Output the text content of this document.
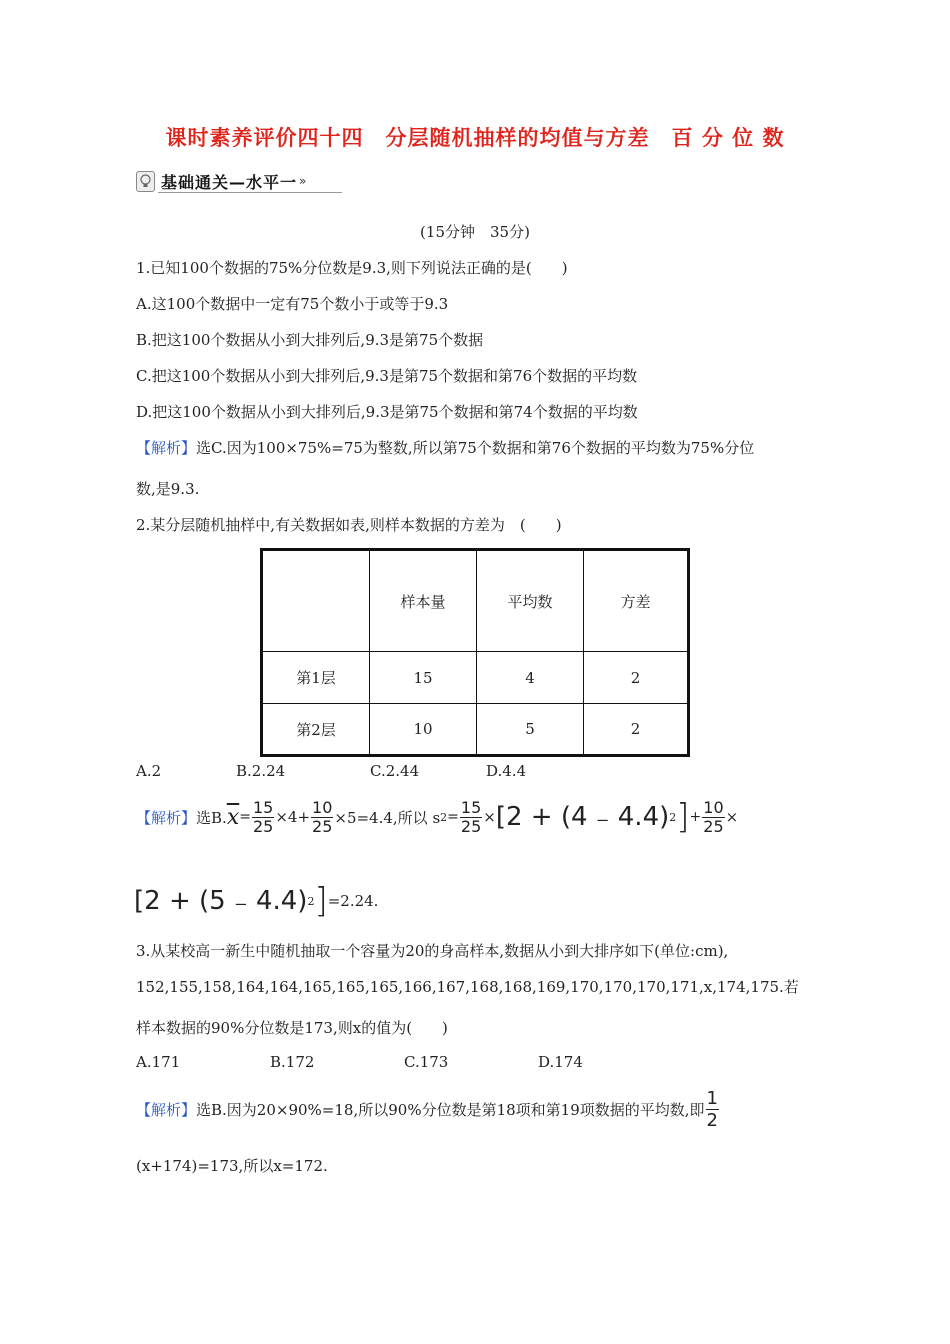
课时素养评价四十四　分层随机抽样的均值与方差　百 分 位 数
基础通关—水平一 »
(15分钟　35分)
1.已知100个数据的75%分位数是9.3,则下列说法正确的是(　　)
A.这100个数据中一定有75个数小于或等于9.3
B.把这100个数据从小到大排列后,9.3是第75个数据
C.把这100个数据从小到大排列后,9.3是第75个数据和第76个数据的平均数
D.把这100个数据从小到大排列后,9.3是第75个数据和第74个数据的平均数
【解析】选C.因为100×75%=75为整数,所以第75个数据和第76个数据的平均数为75%分位
数,是9.3.
2.某分层随机抽样中,有关数据如表,则样本数据的方差为　(　　)
	样本量	平均数	方差
第1层	15	4	2
第2层	10	5	2
A.2	B.2.24	C.2.44	D.4.4
【解析】 选B. $\overline{x} = \frac{15}{25} \times 4+ \frac{10}{25} \times 5=4.4$,所以 s $2 = \frac{15}{25} \times [2 + (4$ ₋ 4.4) 2 ] + $\frac{10}{25}$ ×
[2 + (5 ₋ 4.4) 2 ] =2.24.
3.从某校高一新生中随机抽取一个容量为20的身高样本,数据从小到大排序如下(单位:cm),
152,155,158,164,164,165,165,165,166,167,168,168,169,170,170,170,171,x,174,175.若
样本数据的90%分位数是173,则x的值为(　　)
A.171	B.172	C.173	D.174
【解析】 选B.因为20×90%=18,所以90%分位数是第18项和第19项数据的平均数,即 $\frac{1}{2}$
(x+174)=173,所以x=172.
